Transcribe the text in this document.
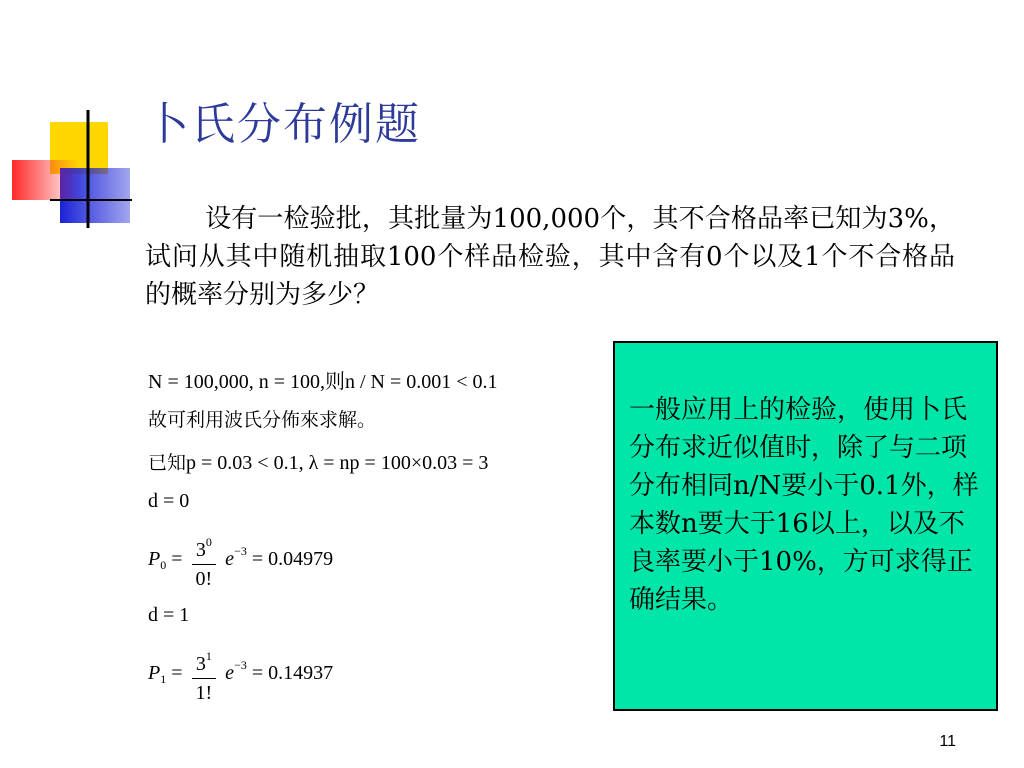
卜氏分布例题
设有一检验批，其批量为100,000个，其不合格品率已知为3%，试问从其中随机抽取100个样品检验，其中含有0个以及1个不合格品的概率分别为多少？
N = 100,000, n = 100,则n / N = 0.001 < 0.1
故可利用波氏分佈來求解。
已知p = 0.03 < 0.1, λ = np = 100×0.03 = 3
d = 0
$P_0 = \frac{3^0}{0!} e^{-3} = 0.04979$
d = 1
$P_1 = \frac{3^1}{1!} e^{-3} = 0.14937$
一般应用上的检验，使用卜氏分布求近似值时，除了与二项分布相同n/N要小于0.1外，样本数n要大于16以上，以及不良率要小于10%，方可求得正确结果。
11
